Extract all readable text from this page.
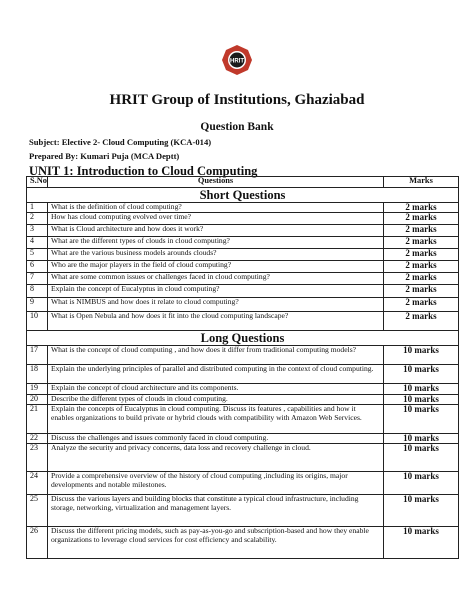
HRIT
HRIT Group of Institutions, Ghaziabad
Question Bank
Subject: Elective 2- Cloud Computing (KCA-014)
Prepared By: Kumari Puja (MCA Deptt)
UNIT 1: Introduction to Cloud Computing
S.No	Questions	Marks
Short Questions		
1	What is the definition of cloud computing?	2 marks
2	How has cloud computing evolved over time?	2 marks
3	What is Cloud architecture and how does it work?	2 marks
4	What are the different types of clouds in cloud computing?	2 marks
5	What are the various business models arounds clouds?	2 marks
6	Who are the major players in the field of cloud computing?	2 marks
7	What are some common issues or challenges faced in cloud computing?	2 marks
8	Explain the concept of Eucalyptus in cloud computing?	2 marks
9	What is NIMBUS and how does it relate to cloud computing?	2 marks
10	What is Open Nebula and how does it fit into the cloud computing landscape?	2 marks
Long Questions		
17	What is the concept of cloud computing , and how does it differ from traditional computing models?	10 marks
18	Explain the underlying principles of parallel and distributed computing in the context of cloud computing.	10 marks
19	Explain the concept of cloud architecture and its components.	10 marks
20	Describe the different types of clouds in cloud computing.	10 marks
21	Explain the concepts of Eucalyptus in cloud computing. Discuss its features , capabilities and how it enables organizations to build private or hybrid clouds with compatibility with Amazon Web Services.	10 marks
22	Discuss the challenges and issues commonly faced in cloud computing.	10 marks
23	Analyze the security and privacy concerns, data loss and recovery challenge in cloud.	10 marks
24	Provide a comprehensive overview of the history of cloud computing ,including its origins, major developments and notable milestones.	10 marks
25	Discuss the various layers and building blocks that constitute a typical cloud infrastructure, including storage, networking, virtualization and management layers.	10 marks
26	Discuss the different pricing models, such as pay-as-you-go and subscription-based and how they enable organizations to leverage cloud services for cost efficiency and scalability.	10 marks
